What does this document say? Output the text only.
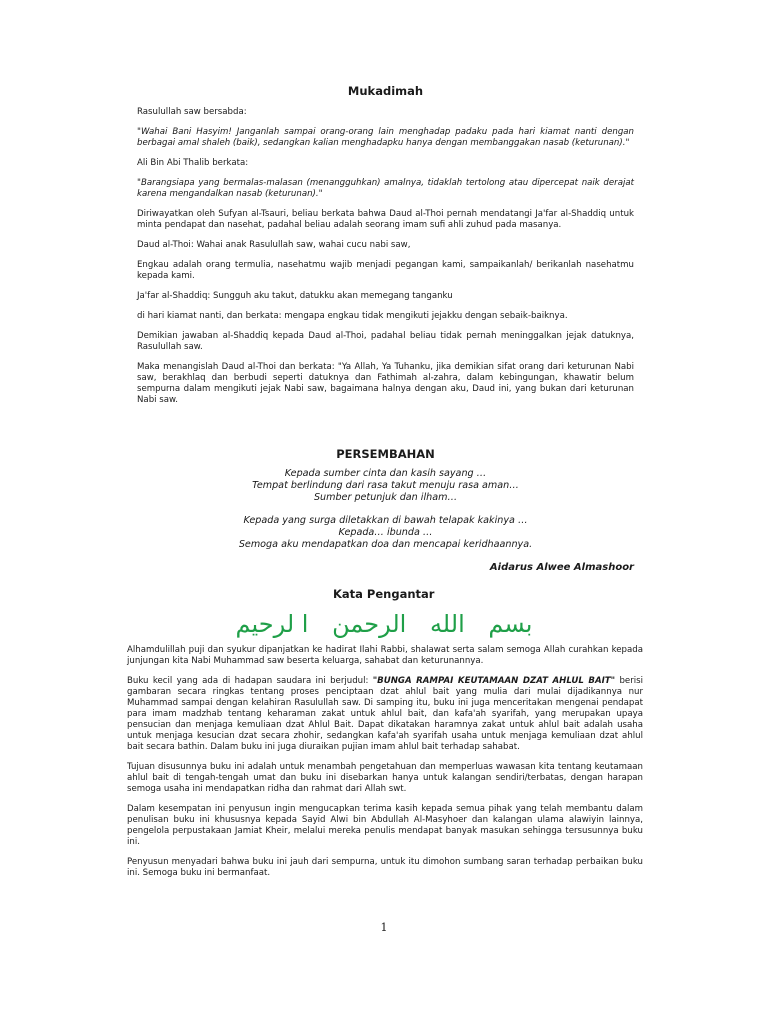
Mukadimah

Rasulullah saw bersabda:

"Wahai Bani Hasyim! Janganlah sampai orang-orang lain menghadap padaku pada hari kiamat nanti dengan berbagai amal shaleh (baik), sedangkan kalian menghadapku hanya dengan membanggakan nasab (keturunan)."

Ali Bin Abi Thalib berkata:

"Barangsiapa yang bermalas-malasan (menangguhkan) amalnya, tidaklah tertolong atau dipercepat naik derajat karena mengandalkan nasab (keturunan)."

Diriwayatkan oleh Sufyan al-Tsauri, beliau berkata bahwa Daud al-Thoi pernah mendatangi Ja'far al-Shaddiq untuk minta pendapat dan nasehat, padahal beliau adalah seorang imam sufi ahli zuhud pada masanya.

Daud al-Thoi: Wahai anak Rasulullah saw, wahai cucu nabi saw,

Engkau adalah orang termulia, nasehatmu wajib menjadi pegangan kami, sampaikanlah/ berikanlah nasehatmu kepada kami.

Ja'far al-Shaddiq: Sungguh aku takut, datukku akan memegang tanganku

di hari kiamat nanti, dan berkata: mengapa engkau tidak mengikuti jejakku dengan sebaik-baiknya.

Demikian jawaban al-Shaddiq kepada Daud al-Thoi, padahal beliau tidak pernah meninggalkan jejak datuknya, Rasulullah saw.

Maka menangislah Daud al-Thoi dan berkata: "Ya Allah, Ya Tuhanku, jika demikian sifat orang dari keturunan Nabi saw, berakhlaq dan berbudi seperti datuknya dan Fathimah al-zahra, dalam kebingungan, khawatir belum sempurna dalam mengikuti jejak Nabi saw, bagaimana halnya dengan aku, Daud ini, yang bukan dari keturunan Nabi saw.

PERSEMBAHAN
Kepada sumber cinta dan kasih sayang …
Tempat berlindung dari rasa takut menuju rasa aman…
Sumber petunjuk dan ilham…
Kepada yang surga diletakkan di bawah telapak kakinya …
Kepada… ibunda …
Semoga aku mendapatkan doa dan mencapai keridhaannya.
Aidarus Alwee Almashoor
Kata Pengantar
بسم الله الرحمن ا لرحيم

Alhamdulillah puji dan syukur dipanjatkan ke hadirat Ilahi Rabbi, shalawat serta salam semoga Allah curahkan kepada junjungan kita Nabi Muhammad saw beserta keluarga, sahabat dan keturunannya.

Buku kecil yang ada di hadapan saudara ini berjudul: "BUNGA RAMPAI KEUTAMAAN DZAT AHLUL BAIT" berisi gambaran secara ringkas tentang proses penciptaan dzat ahlul bait yang mulia dari mulai dijadikannya nur Muhammad sampai dengan kelahiran Rasulullah saw. Di samping itu, buku ini juga menceritakan mengenai pendapat para imam madzhab tentang keharaman zakat untuk ahlul bait, dan kafa'ah syarifah, yang merupakan upaya pensucian dan menjaga kemuliaan dzat Ahlul Bait. Dapat dikatakan haramnya zakat untuk ahlul bait adalah usaha untuk menjaga kesucian dzat secara zhohir, sedangkan kafa'ah syarifah usaha untuk menjaga kemuliaan dzat ahlul bait secara bathin. Dalam buku ini juga diuraikan pujian imam ahlul bait terhadap sahabat.

Tujuan disusunnya buku ini adalah untuk menambah pengetahuan dan memperluas wawasan kita tentang keutamaan ahlul bait di tengah-tengah umat dan buku ini disebarkan hanya untuk kalangan sendiri/terbatas, dengan harapan semoga usaha ini mendapatkan ridha dan rahmat dari Allah swt.

Dalam kesempatan ini penyusun ingin mengucapkan terima kasih kepada semua pihak yang telah membantu dalam penulisan buku ini khususnya kepada Sayid Alwi bin Abdullah Al-Masyhoer dan kalangan ulama alawiyin lainnya, pengelola perpustakaan Jamiat Kheir, melalui mereka penulis mendapat banyak masukan sehingga tersusunnya buku ini.

Penyusun menyadari bahwa buku ini jauh dari sempurna, untuk itu dimohon sumbang saran terhadap perbaikan buku ini. Semoga buku ini bermanfaat.

1
